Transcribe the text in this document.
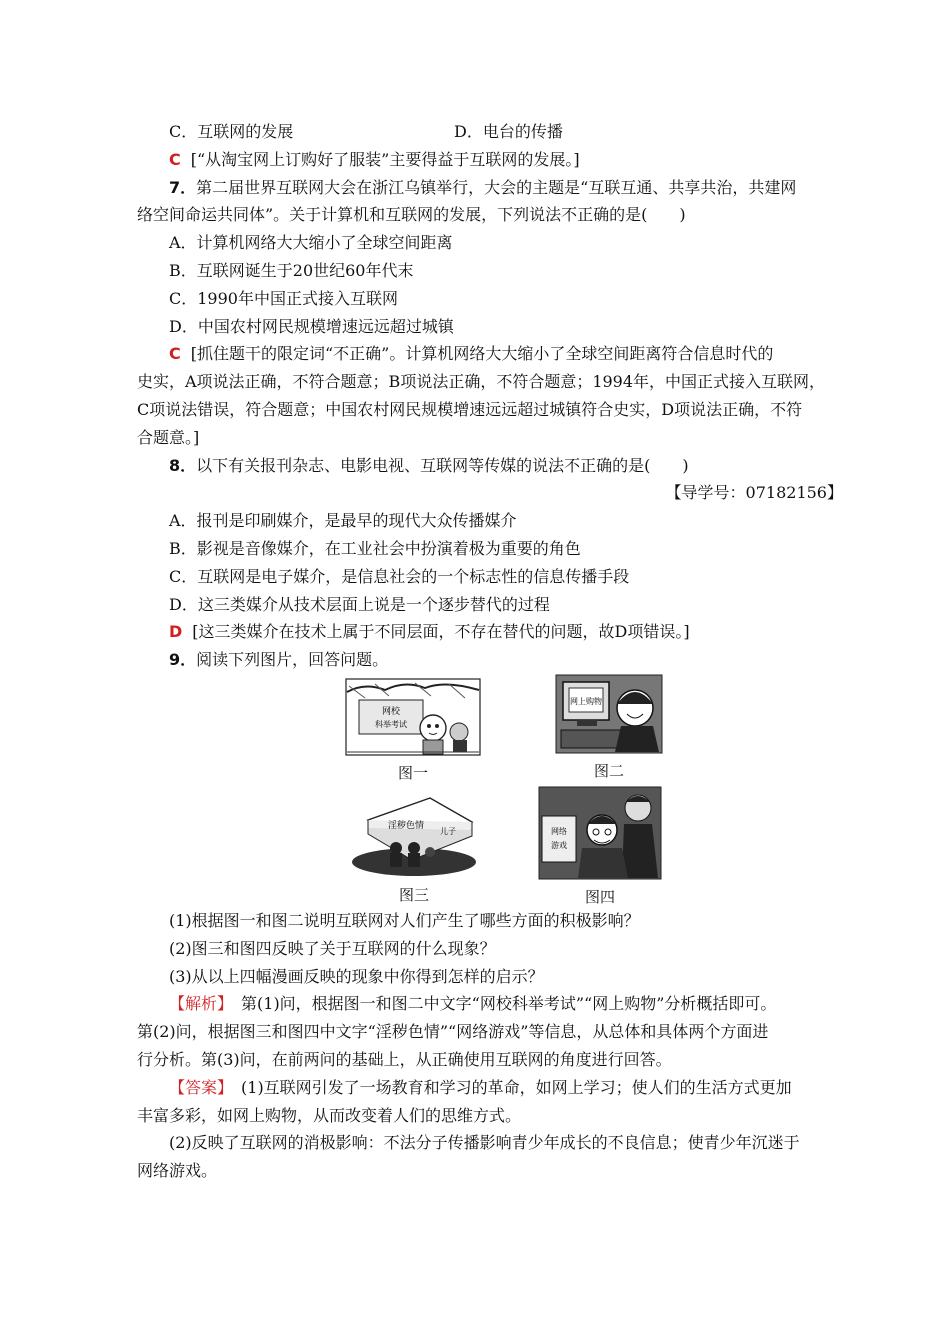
C．互联网的发展	D．电台的传播
C [“从淘宝网上订购好了服装”主要得益于互联网的发展。]
7．第二届世界互联网大会在浙江乌镇举行，大会的主题是“互联互通、共享共治，共建网
络空间命运共同体”。关于计算机和互联网的发展，下列说法不正确的是(　　)
A．计算机网络大大缩小了全球空间距离
B．互联网诞生于20世纪60年代末
C．1990年中国正式接入互联网
D．中国农村网民规模增速远远超过城镇
C [抓住题干的限定词“不正确”。计算机网络大大缩小了全球空间距离符合信息时代的
史实，A项说法正确，不符合题意；B项说法正确，不符合题意；1994年，中国正式接入互联网，
C项说法错误，符合题意；中国农村网民规模增速远远超过城镇符合史实，D项说法正确，不符
合题意。]
8．以下有关报刊杂志、电影电视、互联网等传媒的说法不正确的是(　　)
【导学号：07182156】
A．报刊是印刷媒介，是最早的现代大众传播媒介
B．影视是音像媒介，在工业社会中扮演着极为重要的角色
C．互联网是电子媒介，是信息社会的一个标志性的信息传播手段
D．这三类媒介从技术层面上说是一个逐步替代的过程
D [这三类媒介在技术上属于不同层面，不存在替代的问题，故D项错误。]
9．阅读下列图片，回答问题。
网校
科举考试
图一
网上购物
图二
淫秽色情
儿子
图三
网络
游戏
图四
(1)根据图一和图二说明互联网对人们产生了哪些方面的积极影响？
(2)图三和图四反映了关于互联网的什么现象？
(3)从以上四幅漫画反映的现象中你得到怎样的启示？
【解析】　第(1)问，根据图一和图二中文字“网校科举考试”“网上购物”分析概括即可。
第(2)问，根据图三和图四中文字“淫秽色情”“网络游戏”等信息，从总体和具体两个方面进
行分析。第(3)问，在前两问的基础上，从正确使用互联网的角度进行回答。
【答案】　(1)互联网引发了一场教育和学习的革命，如网上学习；使人们的生活方式更加
丰富多彩，如网上购物，从而改变着人们的思维方式。
(2)反映了互联网的消极影响：不法分子传播影响青少年成长的不良信息；使青少年沉迷于
网络游戏。
